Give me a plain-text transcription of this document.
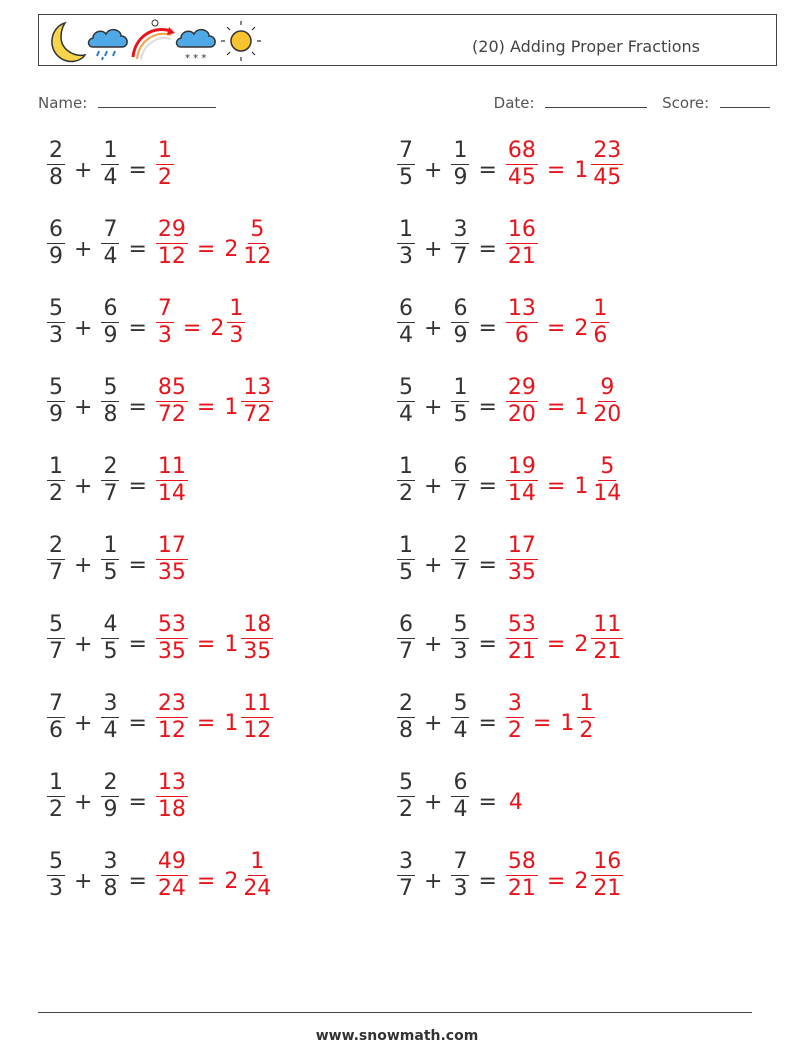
* * *
(20) Adding Proper Fractions
Name:	Date:	Score:
$\frac{2}{8} + \frac{1}{4} = \frac{1}{2}$
$\frac{6}{9} + \frac{7}{4} = \frac{29}{12} = 2 \frac{5}{12}$
$\frac{5}{3} + \frac{6}{9} = \frac{7}{3} = 2 \frac{1}{3}$
$\frac{5}{9} + \frac{5}{8} = \frac{85}{72} = 1 \frac{13}{72}$
$\frac{1}{2} + \frac{2}{7} = \frac{11}{14}$
$\frac{2}{7} + \frac{1}{5} = \frac{17}{35}$
$\frac{5}{7} + \frac{4}{5} = \frac{53}{35} = 1 \frac{18}{35}$
$\frac{7}{6} + \frac{3}{4} = \frac{23}{12} = 1 \frac{11}{12}$
$\frac{1}{2} + \frac{2}{9} = \frac{13}{18}$
$\frac{5}{3} + \frac{3}{8} = \frac{49}{24} = 2 \frac{1}{24}$
$\frac{7}{5} + \frac{1}{9} = \frac{68}{45} = 1 \frac{23}{45}$
$\frac{1}{3} + \frac{3}{7} = \frac{16}{21}$
$\frac{6}{4} + \frac{6}{9} = \frac{13}{6} = 2 \frac{1}{6}$
$\frac{5}{4} + \frac{1}{5} = \frac{29}{20} = 1 \frac{9}{20}$
$\frac{1}{2} + \frac{6}{7} = \frac{19}{14} = 1 \frac{5}{14}$
$\frac{1}{5} + \frac{2}{7} = \frac{17}{35}$
$\frac{6}{7} + \frac{5}{3} = \frac{53}{21} = 2 \frac{11}{21}$
$\frac{2}{8} + \frac{5}{4} = \frac{3}{2} = 1 \frac{1}{2}$
$\frac{5}{2} + \frac{6}{4} = 4$
$\frac{3}{7} + \frac{7}{3} = \frac{58}{21} = 2 \frac{16}{21}$
www.snowmath.com
